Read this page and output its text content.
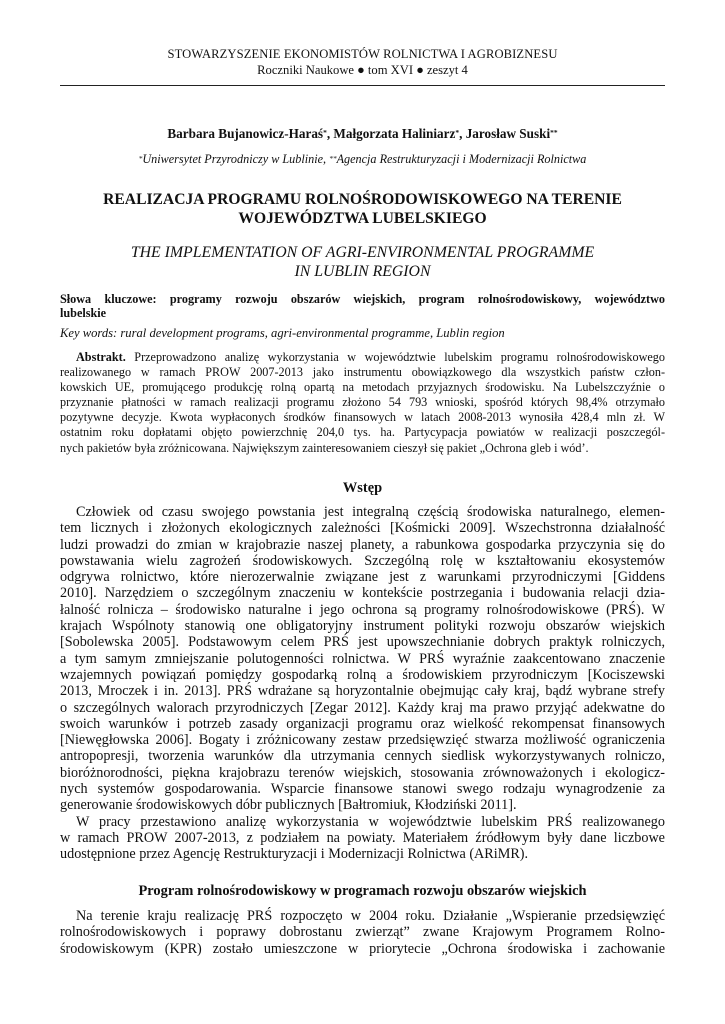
STOWARZYSZENIE EKONOMISTÓW ROLNICTWA I AGROBIZNESU
Roczniki Naukowe ● tom XVI ● zeszyt 4
Barbara Bujanowicz-Haraś*, Małgorzata Haliniarz*, Jarosław Suski**
*Uniwersytet Przyrodniczy w Lublinie, **Agencja Restrukturyzacji i Modernizacji Rolnictwa
REALIZACJA PROGRAMU ROLNOŚRODOWISKOWEGO NA TERENIE
WOJEWÓDZTWA LUBELSKIEGO
THE IMPLEMENTATION OF AGRI-ENVIRONMENTAL PROGRAMME
IN LUBLIN REGION
Słowa kluczowe: programy rozwoju obszarów wiejskich, program rolnośrodowiskowy, województwo
lubelskie
Key words: rural development programs, agri-environmental programme, Lublin region
Abstrakt. Przeprowadzono analizę wykorzystania w województwie lubelskim programu rolnośrodowiskowego
realizowanego w ramach PROW 2007-2013 jako instrumentu obowiązkowego dla wszystkich państw człon-
kowskich UE, promującego produkcję rolną opartą na metodach przyjaznych środowisku. Na Lubelszczyźnie o
przyznanie płatności w ramach realizacji programu złożono 54 793 wnioski, spośród których 98,4% otrzymało
pozytywne decyzje. Kwota wypłaconych środków finansowych w latach 2008-2013 wynosiła 428,4 mln zł. W
ostatnim roku dopłatami objęto powierzchnię 204,0 tys. ha. Partycypacja powiatów w realizacji poszczegól-
nych pakietów była zróżnicowana. Największym zainteresowaniem cieszył się pakiet „Ochrona gleb i wód’.
Wstęp
Człowiek od czasu swojego powstania jest integralną częścią środowiska naturalnego, elemen-
tem licznych i złożonych ekologicznych zależności [Kośmicki 2009]. Wszechstronna działalność
ludzi prowadzi do zmian w krajobrazie naszej planety, a rabunkowa gospodarka przyczynia się do
powstawania wielu zagrożeń środowiskowych. Szczególną rolę w kształtowaniu ekosystemów
odgrywa rolnictwo, które nierozerwalnie związane jest z warunkami przyrodniczymi [Giddens
2010]. Narzędziem o szczególnym znaczeniu w kontekście postrzegania i budowania relacji dzia-
łalność rolnicza – środowisko naturalne i jego ochrona są programy rolnośrodowiskowe (PRŚ). W
krajach Wspólnoty stanowią one obligatoryjny instrument polityki rozwoju obszarów wiejskich
[Sobolewska 2005]. Podstawowym celem PRŚ jest upowszechnianie dobrych praktyk rolniczych,
a tym samym zmniejszanie polutogenności rolnictwa. W PRŚ wyraźnie zaakcentowano znaczenie
wzajemnych powiązań pomiędzy gospodarką rolną a środowiskiem przyrodniczym [Kociszewski
2013, Mroczek i in. 2013]. PRŚ wdrażane są horyzontalnie obejmując cały kraj, bądź wybrane strefy
o szczególnych walorach przyrodniczych [Zegar 2012]. Każdy kraj ma prawo przyjąć adekwatne do
swoich warunków i potrzeb zasady organizacji programu oraz wielkość rekompensat finansowych
[Niewęgłowska 2006]. Bogaty i zróżnicowany zestaw przedsięwzięć stwarza możliwość ograniczenia
antropopresji, tworzenia warunków dla utrzymania cennych siedlisk wykorzystywanych rolniczo,
bioróżnorodności, piękna krajobrazu terenów wiejskich, stosowania zrównoważonych i ekologicz-
nych systemów gospodarowania. Wsparcie finansowe stanowi swego rodzaju wynagrodzenie za
generowanie środowiskowych dóbr publicznych [Bałtromiuk, Kłodziński 2011].
W pracy przestawiono analizę wykorzystania w województwie lubelskim PRŚ realizowanego
w ramach PROW 2007-2013, z podziałem na powiaty. Materiałem źródłowym były dane liczbowe
udostępnione przez Agencję Restrukturyzacji i Modernizacji Rolnictwa (ARiMR).
Program rolnośrodowiskowy w programach rozwoju obszarów wiejskich
Na terenie kraju realizację PRŚ rozpoczęto w 2004 roku. Działanie „Wspieranie przedsięwzięć
rolnośrodowiskowych i poprawy dobrostanu zwierząt” zwane Krajowym Programem Rolno-
środowiskowym (KPR) zostało umieszczone w priorytecie „Ochrona środowiska i zachowanie
